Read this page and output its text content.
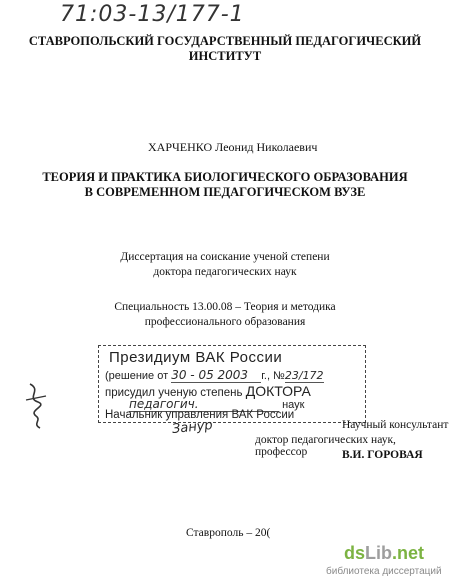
71:03-13/177-1
СТАВРОПОЛЬСКИЙ ГОСУДАРСТВЕННЫЙ ПЕДАГОГИЧЕСКИЙ
ИНСТИТУТ
ХАРЧЕНКО Леонид Николаевич
ТЕОРИЯ И ПРАКТИКА БИОЛОГИЧЕСКОГО ОБРАЗОВАНИЯ
В СОВРЕМЕННОМ ПЕДАГОГИЧЕСКОМ ВУЗЕ
Диссертация на соискание ученой степени
доктора педагогических наук
Специальность 13.00.08 – Теория и методика
профессионального образования
Президиум ВАК России
(решение от 30 - 05 2003 г., №23/172
присудил ученую степень ДОКТОРА
педагогич.	наук
Начальник управления ВАК России
Занур	Научный консультант
доктор педагогических наук, профессор	В.И. ГОРОВАЯ
Ставрополь – 20(
dsLib.net
библиотека диссертаций
